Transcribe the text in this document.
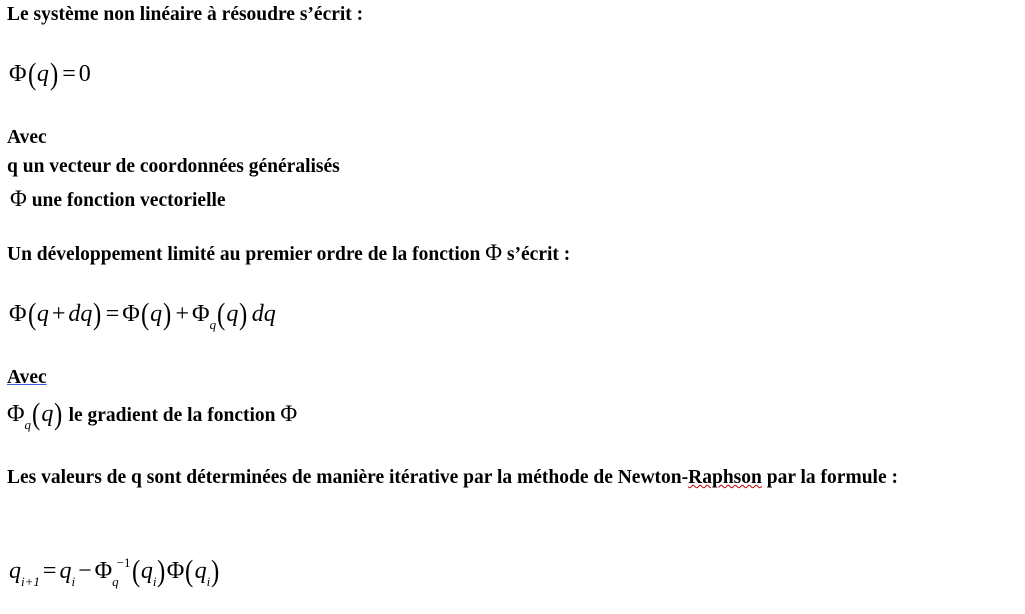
Le système non linéaire à résoudre s’écrit :
Φ(q) = 0
Avec
q un vecteur de coordonnées généralisés
Φ une fonction vectorielle
Un développement limité au premier ordre de la fonction Φ s’écrit :
$\Phi(q + dq) = \Phi(q) + \Phi_q(q)$ dq
Avec
$\Phi_q(q)$ le gradient de la fonction Φ
Les valeurs de q sont déterminées de manière itérative par la méthode de Newton-Raphson par la formule :
$q_{i+1} = q_i - \Phi_q^{-1}(q_i)\Phi(q_i)$
